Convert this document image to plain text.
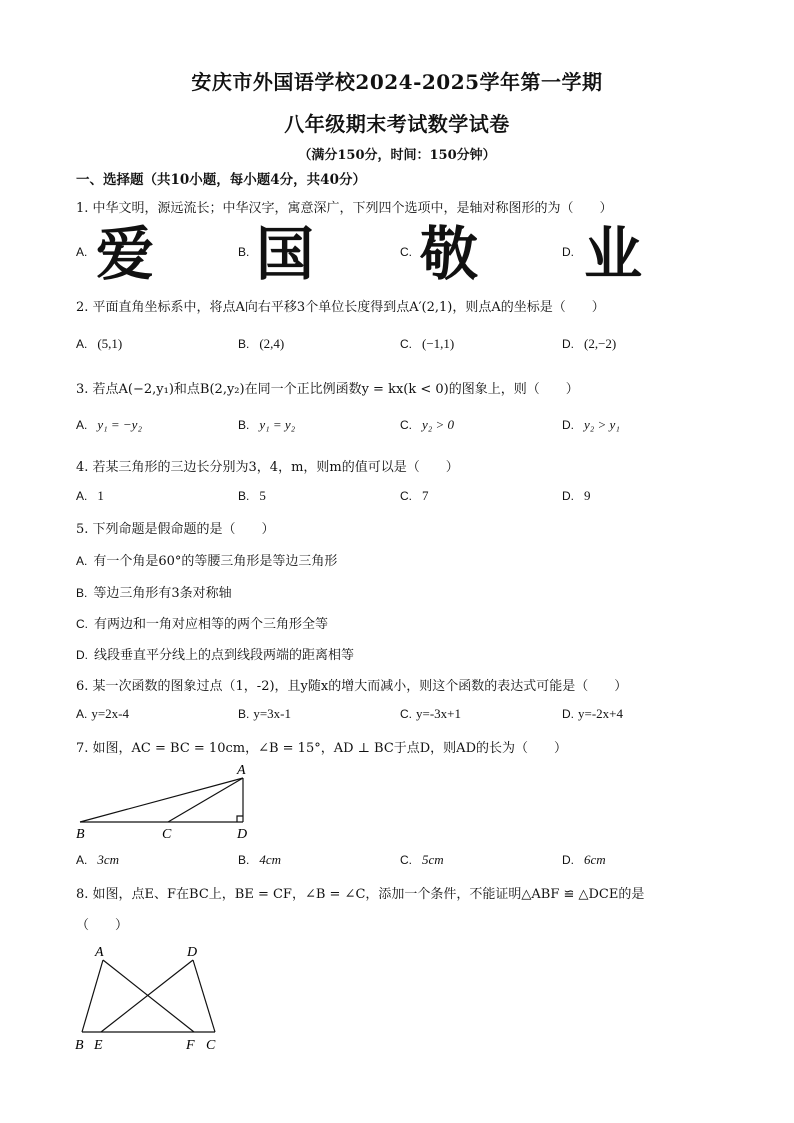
安庆市外国语学校2024-2025学年第一学期
八年级期末考试数学试卷
（满分150分，时间：150分钟）
一、选择题（共10小题，每小题4分，共40分）
1. 中华文明，源远流长；中华汉字，寓意深广，下列四个选项中，是轴对称图形的为（　　）
A. 爱	B. 国	C. 敬	D. 业
2. 平面直角坐标系中，将点A向右平移3个单位长度得到点A′(2,1)，则点A的坐标是（　　）
A. (5,1)	B. (2,4)	C. (−1,1)	D. (2,−2)
3. 若点A(−2,y₁)和点B(2,y₂)在同一个正比例函数y = kx(k < 0)的图象上，则（　　）
A. y₁ = −y₂	B. y₁ = y₂	C. y₂ > 0	D. y₂ > y₁
4. 若某三角形的三边长分别为3，4，m，则m的值可以是（　　）
A. 1	B. 5	C. 7	D. 9
5. 下列命题是假命题的是（　　）
A. 有一个角是60°的等腰三角形是等边三角形
B. 等边三角形有3条对称轴
C. 有两边和一角对应相等的两个三角形全等
D. 线段垂直平分线上的点到线段两端的距离相等
6. 某一次函数的图象过点（1，-2)，且y随x的增大而减小，则这个函数的表达式可能是（　　）
A. y=2x-4	B. y=3x-1	C. y=-3x+1	D. y=-2x+4
7. 如图，AC = BC = 10cm，∠B = 15°，AD ⊥ BC于点D，则AD的长为（　　）
A
B	C	D
A. 3cm	B. 4cm	C. 5cm	D. 6cm
8. 如图，点E、F在BC上，BE = CF，∠B = ∠C，添加一个条件，不能证明△ABF ≌ △DCE的是
（　　）
A	D
B E	F C
